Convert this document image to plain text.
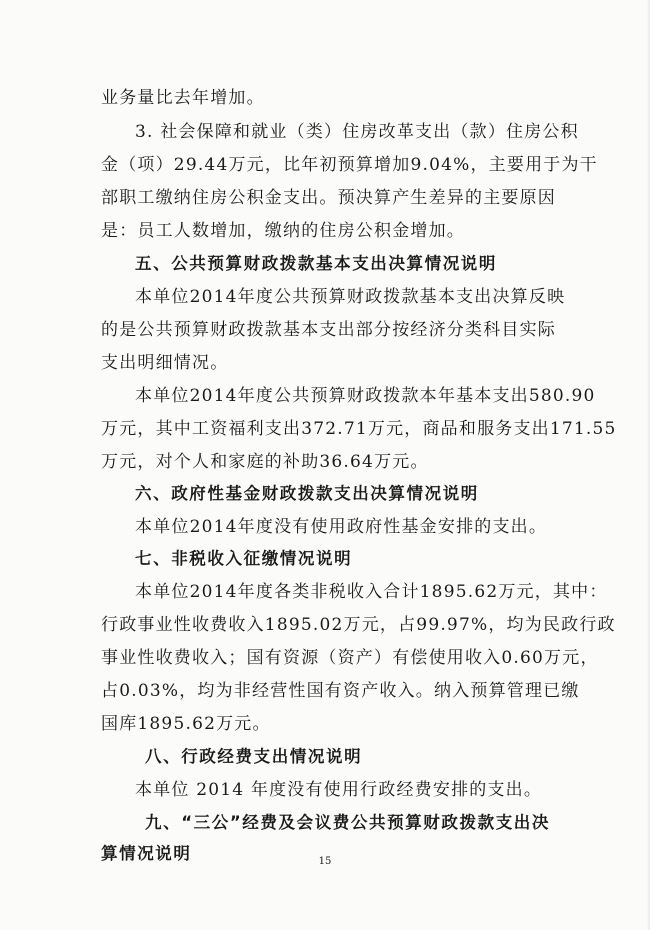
业务量比去年增加。
3. 社会保障和就业（类）住房改革支出（款）住房公积
金（项）29.44万元，比年初预算增加9.04%，主要用于为干
部职工缴纳住房公积金支出。预决算产生差异的主要原因
是：员工人数增加，缴纳的住房公积金增加。
五、公共预算财政拨款基本支出决算情况说明
本单位2014年度公共预算财政拨款基本支出决算反映
的是公共预算财政拨款基本支出部分按经济分类科目实际
支出明细情况。
本单位2014年度公共预算财政拨款本年基本支出580.90
万元，其中工资福利支出372.71万元，商品和服务支出171.55
万元，对个人和家庭的补助36.64万元。
六、政府性基金财政拨款支出决算情况说明
本单位2014年度没有使用政府性基金安排的支出。
七、非税收入征缴情况说明
本单位2014年度各类非税收入合计1895.62万元，其中：
行政事业性收费收入1895.02万元，占99.97%，均为民政行政
事业性收费收入；国有资源（资产）有偿使用收入0.60万元，
占0.03%，均为非经营性国有资产收入。纳入预算管理已缴
国库1895.62万元。
八、行政经费支出情况说明
本单位 2014 年度没有使用行政经费安排的支出。
九、“三公”经费及会议费公共预算财政拨款支出决
算情况说明	15
